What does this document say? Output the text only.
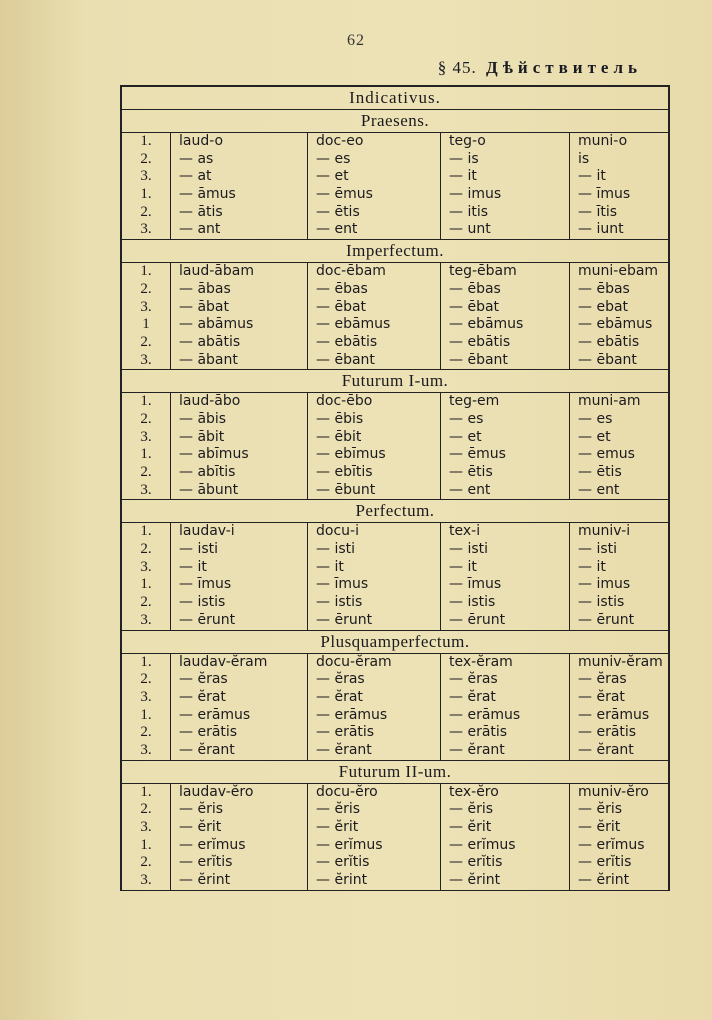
62
§ 45. Дѣйствитель
Indicativus.
Praesens.
1.	laud-o	doc-eo	teg-o	muni-o
2.	— as	— es	— is	is
3.	— at	— et	— it	— it
1.	— āmus	— ēmus	— imus	— īmus
2.	— ātis	— ētis	— itis	— ītis
3.	— ant	— ent	— unt	— iunt
Imperfectum.
1.	laud-ābam	doc-ēbam	teg-ēbam	muni-ebam
2.	— ābas	— ēbas	— ēbas	— ēbas
3.	— ābat	— ēbat	— ēbat	— ebat
1	— abāmus	— ebāmus	— ebāmus	— ebāmus
2.	— abātis	— ebātis	— ebātis	— ebātis
3.	— ābant	— ēbant	— ēbant	— ēbant
Futurum I-um.
1.	laud-ābo	doc-ēbo	teg-em	muni-am
2.	— ābis	— ēbis	— es	— es
3.	— ābit	— ēbit	— et	— et
1.	— abīmus	— ebīmus	— ēmus	— emus
2.	— abītis	— ebītis	— ētis	— ētis
3.	— ābunt	— ēbunt	— ent	— ent
Perfectum.
1.	laudav-i	docu-i	tex-i	muniv-i
2.	— isti	— isti	— isti	— isti
3.	— it	— it	— it	— it
1.	— īmus	— īmus	— īmus	— imus
2.	— istis	— istis	— istis	— istis
3.	— ērunt	— ērunt	— ērunt	— ērunt
Plusquamperfectum.
1.	laudav-ĕram	docu-ĕram	tex-ĕram	muniv-ĕram
2.	— ĕras	— ĕras	— ĕras	— ĕras
3.	— ĕrat	— ĕrat	— ĕrat	— ĕrat
1.	— erāmus	— erāmus	— erāmus	— erāmus
2.	— erātis	— erātis	— erātis	— erātis
3.	— ĕrant	— ĕrant	— ĕrant	— ĕrant
Futurum II-um.
1.	laudav-ĕro	docu-ĕro	tex-ĕro	muniv-ĕro
2.	— ĕris	— ĕris	— ĕris	— ĕris
3.	— ĕrit	— ĕrit	— ĕrit	— ĕrit
1.	— erĭmus	— erĭmus	— erĭmus	— erĭmus
2.	— erĭtis	— erĭtis	— erĭtis	— erĭtis
3.	— ĕrint	— ĕrint	— ĕrint	— ĕrint
